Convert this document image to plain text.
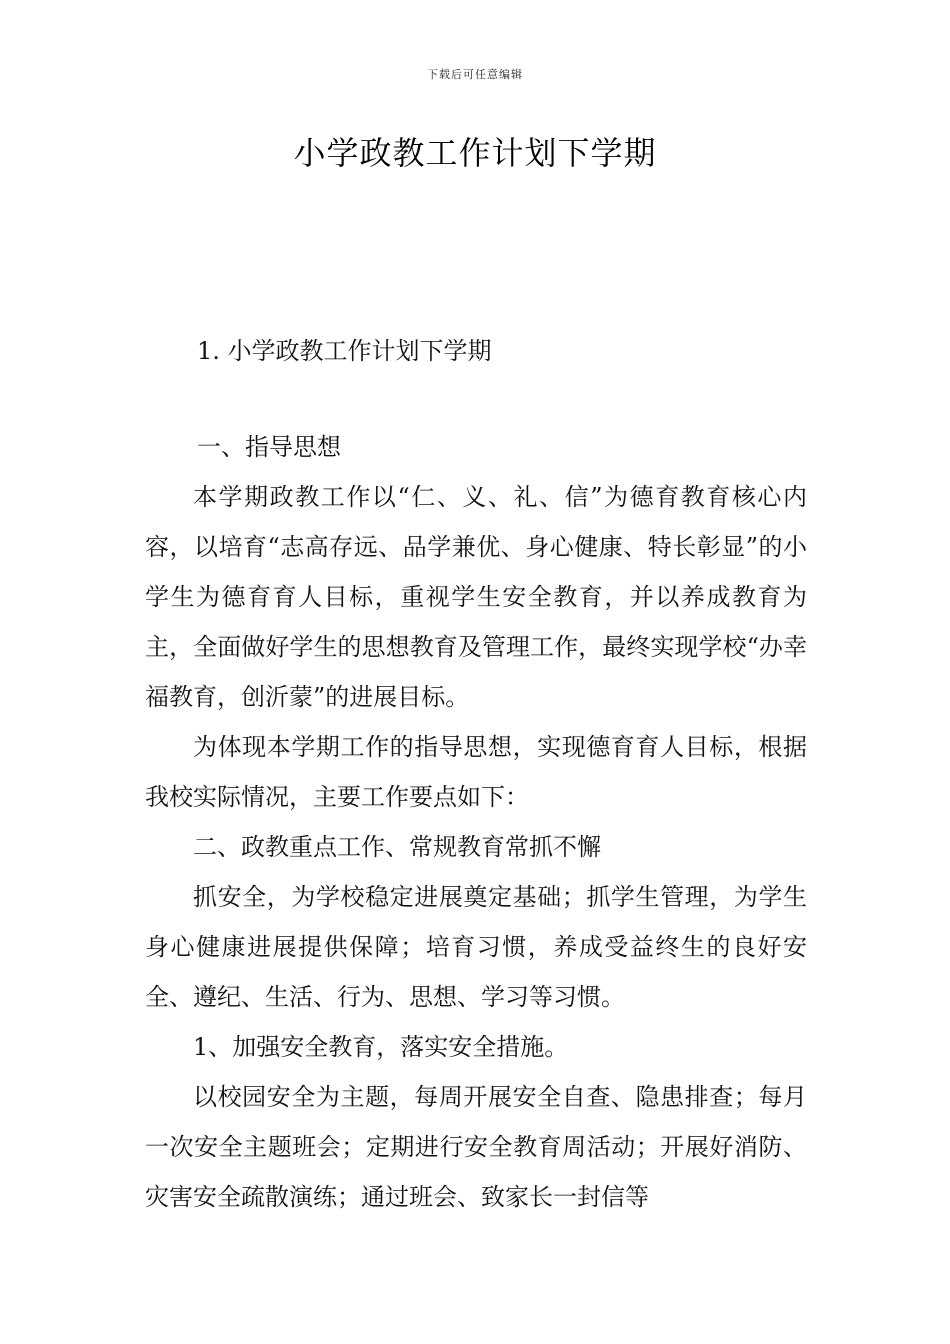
下载后可任意编辑
小学政教工作计划下学期
1. 小学政教工作计划下学期
一、指导思想

本学期政教工作以“仁、义、礼、信”为德育教育核心内容，以培育“志高存远、品学兼优、身心健康、特长彰显”的小学生为德育育人目标，重视学生安全教育，并以养成教育为主，全面做好学生的思想教育及管理工作，最终实现学校“办幸福教育，创沂蒙”的进展目标。

为体现本学期工作的指导思想，实现德育育人目标，根据我校实际情况，主要工作要点如下：

二、政教重点工作、常规教育常抓不懈

抓安全，为学校稳定进展奠定基础；抓学生管理，为学生身心健康进展提供保障；培育习惯，养成受益终生的良好安全、遵纪、生活、行为、思想、学习等习惯。

1、加强安全教育，落实安全措施。

以校园安全为主题，每周开展安全自查、隐患排查；每月一次安全主题班会；定期进行安全教育周活动；开展好消防、灾害安全疏散演练；通过班会、致家长一封信等
